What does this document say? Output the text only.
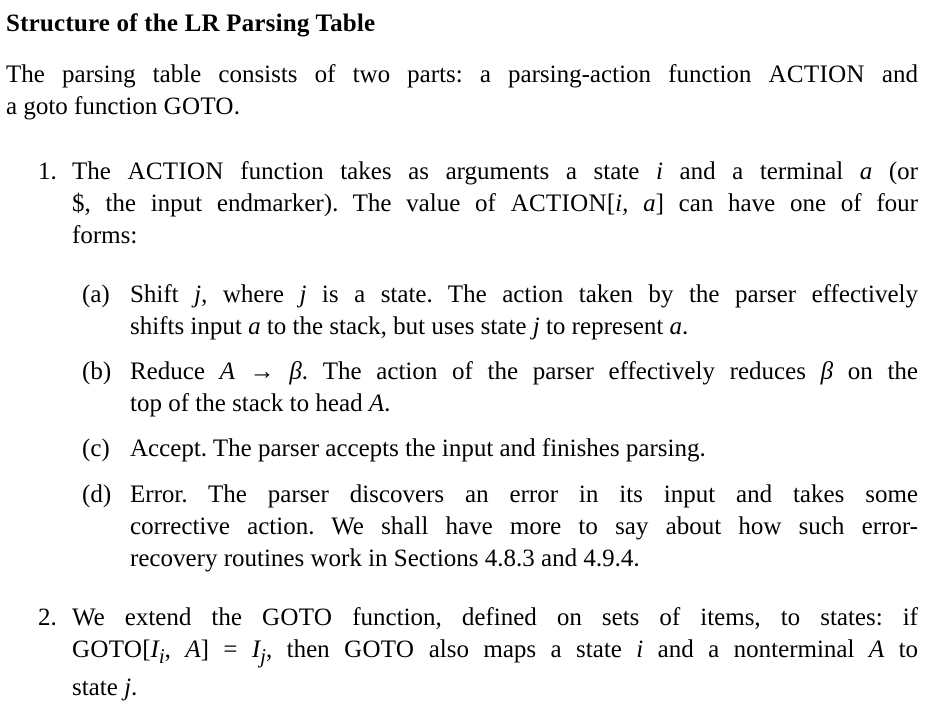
Structure of the LR Parsing Table
The parsing table consists of two parts: a parsing-action function ACTION and
a goto function GOTO.
1. The ACTION function takes as arguments a state i and a terminal a (or
$, the input endmarker). The value of ACTION[i, a] can have one of four
forms:
(a) Shift j, where j is a state. The action taken by the parser effectively
shifts input a to the stack, but uses state j to represent a.
(b) Reduce A → β. The action of the parser effectively reduces β on the
top of the stack to head A.
(c) Accept. The parser accepts the input and finishes parsing.
(d) Error. The parser discovers an error in its input and takes some
corrective action. We shall have more to say about how such error-
recovery routines work in Sections 4.8.3 and 4.9.4.
2. We extend the GOTO function, defined on sets of items, to states: if
$GOTO[I_i$, $A] = I_j$, then GOTO also maps a state i and a nonterminal A to
state j.
